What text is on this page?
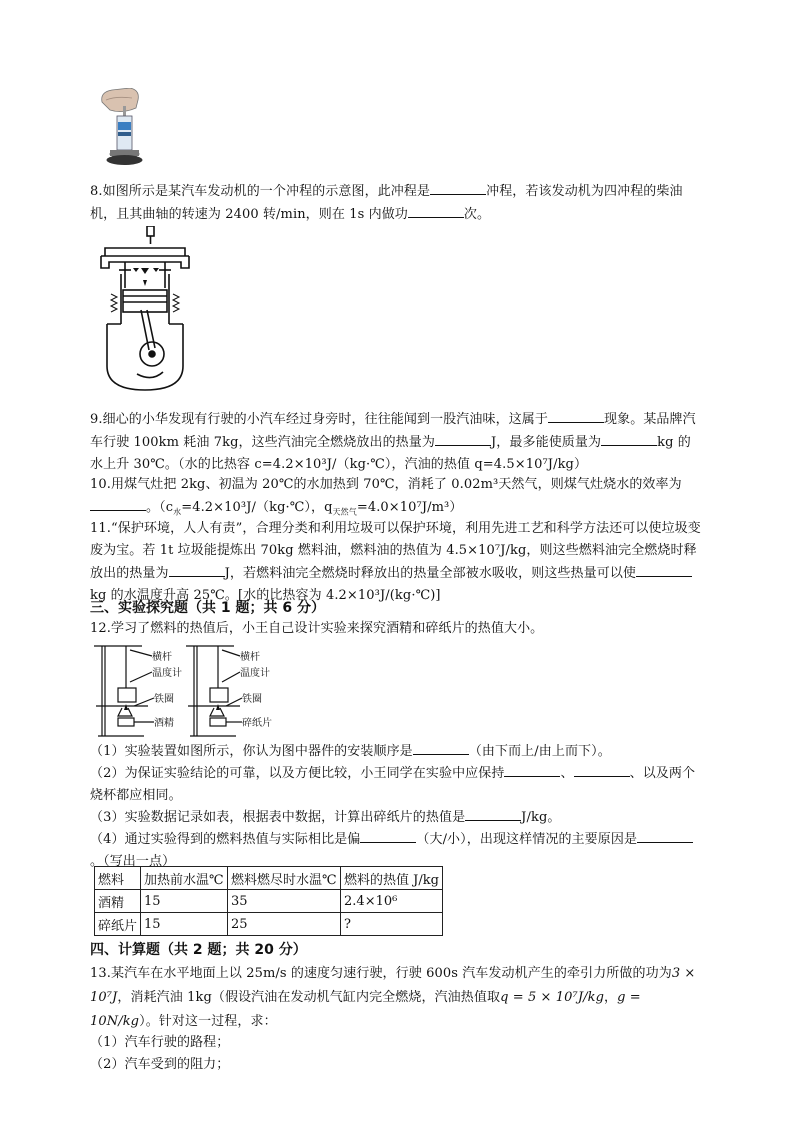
8.如图所示是某汽车发动机的一个冲程的示意图，此冲程是	冲程，若该发动机为四冲程的柴油机，且其曲轴的转速为 2400 转/min，则在 1s 内做功	次。
9.细心的小华发现有行驶的小汽车经过身旁时，往往能闻到一股汽油味，这属于	现象。某品牌汽车行驶 100km 耗油 7kg，这些汽油完全燃烧放出的热量为	J，最多能使质量为	kg 的水上升 30℃。（水的比热容 c=4.2×10³J/（kg·℃），汽油的热值 q=4.5×10⁷J/kg）
10.用煤气灶把 2kg、初温为 20℃的水加热到 70℃，消耗了 0.02m³天然气，则煤气灶烧水的效率为。（$c_水=4.2\times 10^3J/(kg\cdot℃)$，$q_{天然气}=4.0\times 10^7J/m^3$）
11.“保护环境，人人有责”，合理分类和利用垃圾可以保护环境，利用先进工艺和科学方法还可以使垃圾变废为宝。若 1t 垃圾能提炼出 70kg 燃料油，燃料油的热值为 4.5×10⁷J/kg，则这些燃料油完全燃烧时释放出的热量为	J，若燃料油完全燃烧时释放出的热量全部被水吸收，则这些热量可以使kg 的水温度升高 25℃。[水的比热容为 4.2×10³J/(kg·℃)]
三、实验探究题（共 1 题；共 6 分）
12.学习了燃料的热值后，小王自己设计实验来探究酒精和碎纸片的热值大小。
横杆
温度计
铁圈
酒精
横杆
温度计
铁圈
碎纸片
（1）实验装置如图所示，你认为图中器件的安装顺序是	（由下而上/由上而下）。
（2）为保证实验结论的可靠，以及方便比较，小王同学在实验中应保持	、	、以及两个烧杯都应相同。
（3）实验数据记录如表，根据表中数据，计算出碎纸片的热值是	J/kg。
（4）通过实验得到的燃料热值与实际相比是偏	（大/小），出现这样情况的主要原因是。（写出一点）
燃料	加热前水温℃	燃料燃尽时水温℃	燃料的热值 J/kg
酒精	15	35	2.4×10⁶
碎纸片	15	25	?
四、计算题（共 2 题；共 20 分）
13.某汽车在水平地面上以 25m/s 的速度匀速行驶，行驶 600s 汽车发动机产生的牵引力所做的功为3 × 10⁷J，消耗汽油 1kg（假设汽油在发动机气缸内完全燃烧，汽油热值取q = 5 × 10⁷J/kg，g = 10N/kg）。针对这一过程，求：
（1）汽车行驶的路程；
（2）汽车受到的阻力；
